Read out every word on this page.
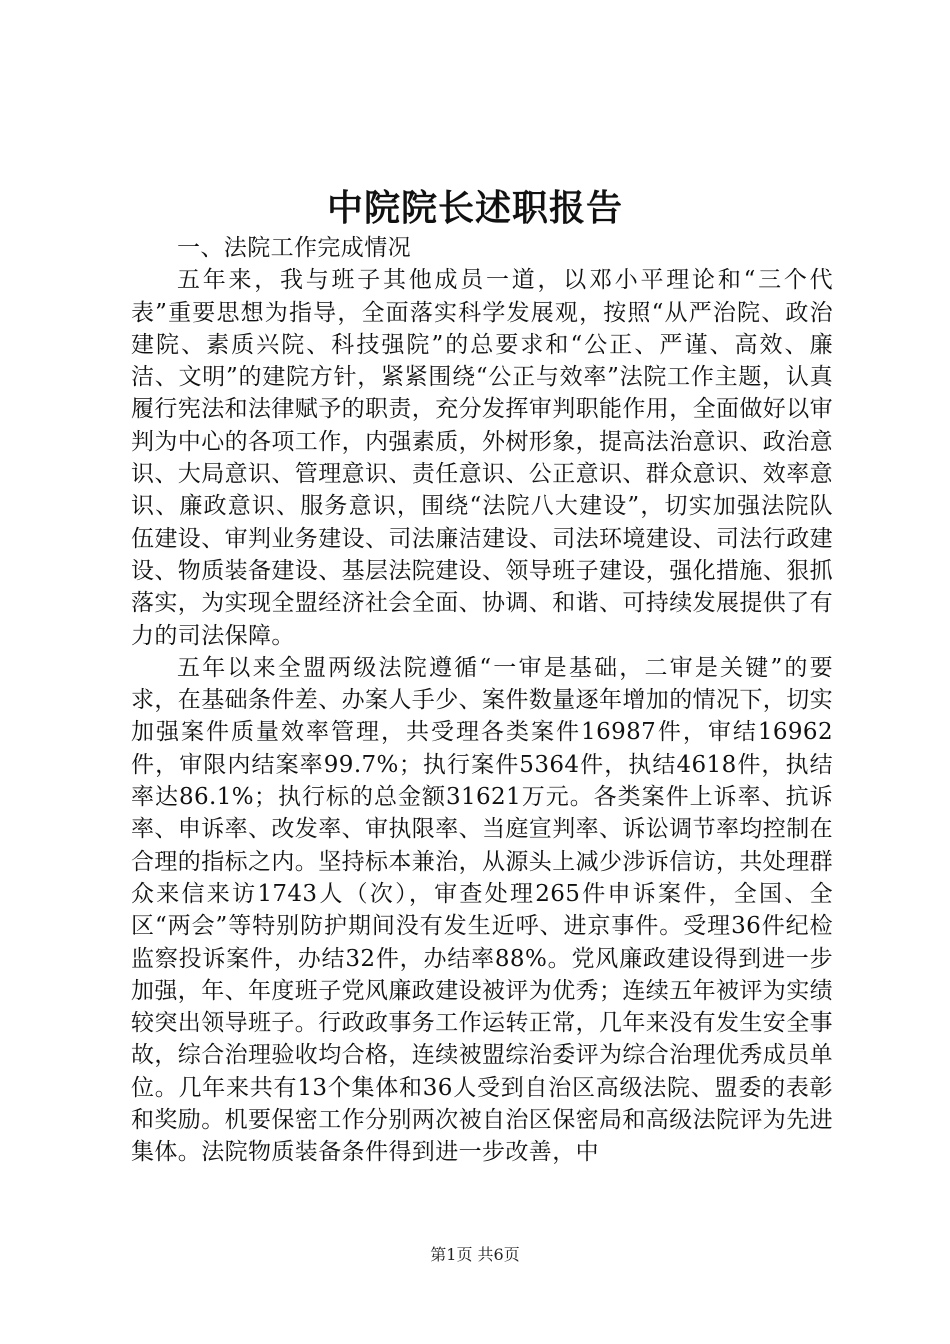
中院院长述职报告

一、法院工作完成情况

五年来，我与班子其他成员一道，以邓小平理论和“三个代表”重要思想为指导，全面落实科学发展观，按照“从严治院、政治建院、素质兴院、科技强院”的总要求和“公正、严谨、高效、廉洁、文明”的建院方针，紧紧围绕“公正与效率”法院工作主题，认真履行宪法和法律赋予的职责，充分发挥审判职能作用，全面做好以审判为中心的各项工作，内强素质，外树形象，提高法治意识、政治意识、大局意识、管理意识、责任意识、公正意识、群众意识、效率意识、廉政意识、服务意识，围绕“法院八大建设”，切实加强法院队伍建设、审判业务建设、司法廉洁建设、司法环境建设、司法行政建设、物质装备建设、基层法院建设、领导班子建设，强化措施、狠抓落实，为实现全盟经济社会全面、协调、和谐、可持续发展提供了有力的司法保障。

五年以来全盟两级法院遵循“一审是基础，二审是关键”的要求，在基础条件差、办案人手少、案件数量逐年增加的情况下，切实加强案件质量效率管理，共受理各类案件16987件，审结16962件，审限内结案率99.7%；执行案件5364件，执结4618件，执结率达86.1%；执行标的总金额31621万元。各类案件上诉率、抗诉率、申诉率、改发率、审执限率、当庭宣判率、诉讼调节率均控制在合理的指标之内。坚持标本兼治，从源头上减少涉诉信访，共处理群众来信来访1743人（次），审查处理265件申诉案件，全国、全区“两会”等特别防护期间没有发生近呼、进京事件。受理36件纪检监察投诉案件，办结32件，办结率88%。党风廉政建设得到进一步加强，年、年度班子党风廉政建设被评为优秀；连续五年被评为实绩较突出领导班子。行政政事务工作运转正常，几年来没有发生安全事故，综合治理验收均合格，连续被盟综治委评为综合治理优秀成员单位。几年来共有13个集体和36人受到自治区高级法院、盟委的表彰和奖励。机要保密工作分别两次被自治区保密局和高级法院评为先进集体。法院物质装备条件得到进一步改善，中

第1页 共6页
